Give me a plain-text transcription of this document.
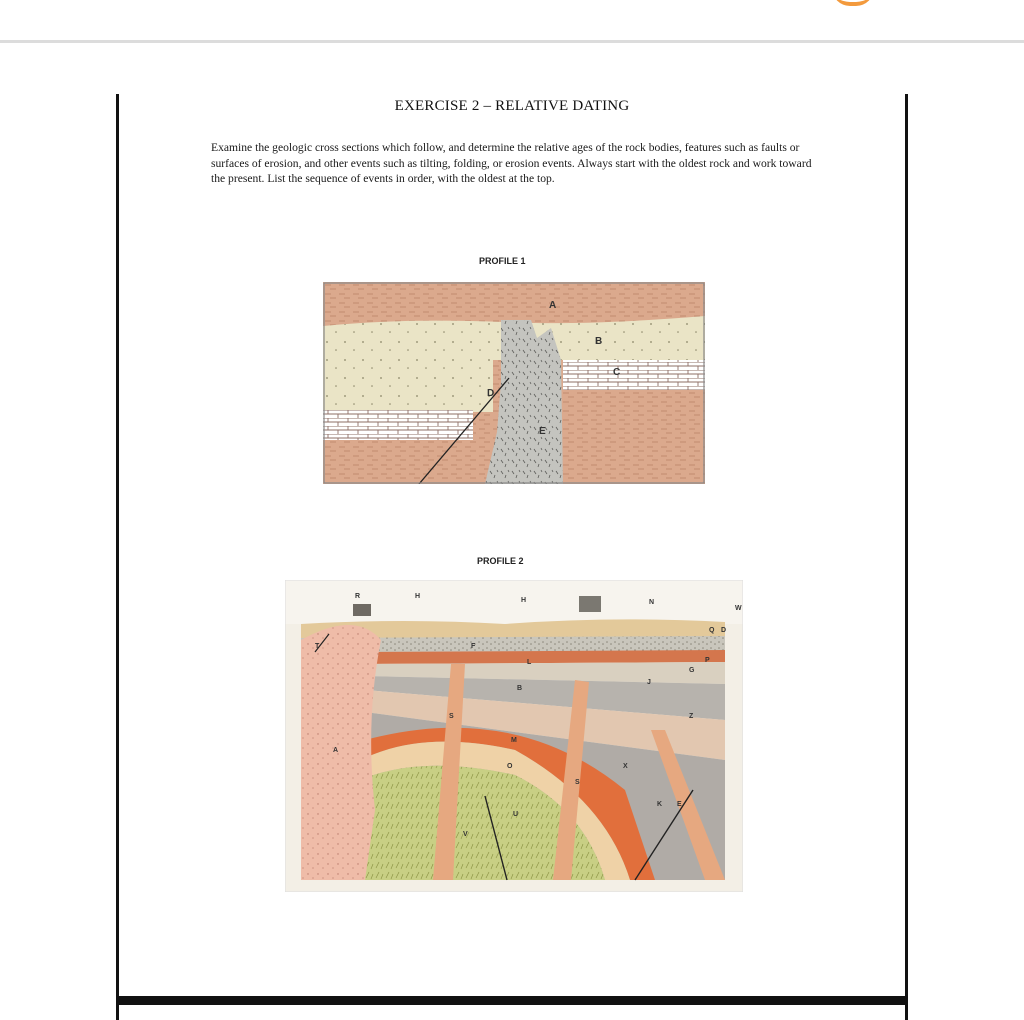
EXERCISE 2 – RELATIVE DATING
Examine the geologic cross sections which follow, and determine the relative ages of the rock bodies, features such as faults or surfaces of erosion, and other events such as tilting, folding, or erosion events. Always start with the oldest rock and work toward the present. List the sequence of events in order, with the oldest at the top.
PROFILE 1
A
B
C
D
E
PROFILE 2
T	F
L	P
Q
G
D
J
B
Z
S
S
M
O	X
A
K E
U
V
R	H
H	N
W
